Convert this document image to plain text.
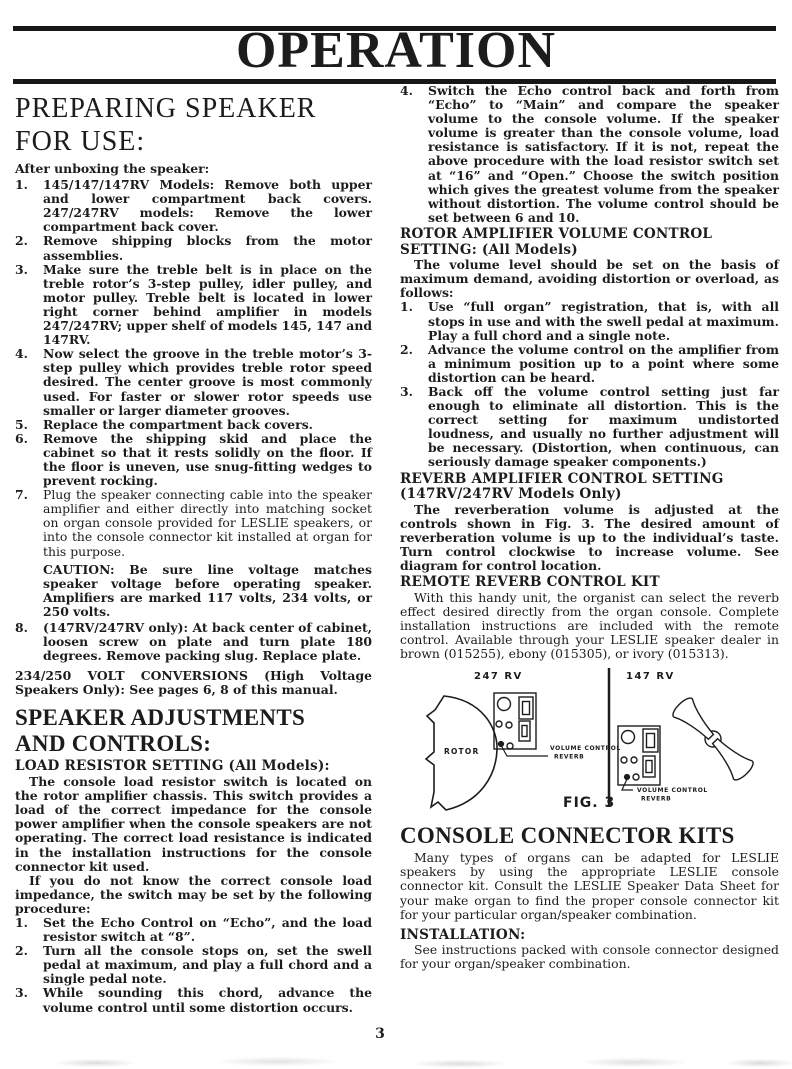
OPERATION
PREPARING SPEAKER
FOR USE:
After unboxing the speaker:
1.	145/147/147RV Models: Remove both upper and lower compartment back covers. 247/247RV models: Remove the lower compartment back cover.
2.	Remove shipping blocks from the motor assemblies.
3.	Make sure the treble belt is in place on the treble rotor’s 3-step pulley, idler pulley, and motor pulley. Treble belt is located in lower right corner behind amplifier in models 247/247RV; upper shelf of models 145, 147 and 147RV.
4.	Now select the groove in the treble motor’s 3-step pulley which provides treble rotor speed desired. The center groove is most commonly used. For faster or slower rotor speeds use smaller or larger diameter grooves.
5.	Replace the compartment back covers.
6.	Remove the shipping skid and place the cabinet so that it rests solidly on the floor. If the floor is uneven, use snug-fitting wedges to prevent rocking.
7.	Plug the speaker connecting cable into the speaker amplifier and either directly into matching socket on organ console provided for LESLIE speakers, or into the console connector kit installed at organ for this purpose.
CAUTION: Be sure line voltage matches speaker voltage before operating speaker. Amplifiers are marked 117 volts, 234 volts, or 250 volts.
8.	(147RV/247RV only): At back center of cabinet, loosen screw on plate and turn plate 180 degrees. Remove packing slug. Replace plate.
234/250 VOLT CONVERSIONS (High Voltage Speakers Only): See pages 6, 8 of this manual.
SPEAKER ADJUSTMENTS
AND CONTROLS:
LOAD RESISTOR SETTING (All Models):
The console load resistor switch is located on the rotor amplifier chassis. This switch provides a load of the correct impedance for the console power amplifier when the console speakers are not operating. The correct load resistance is indicated in the installation instructions for the console connector kit used.
If you do not know the correct console load impedance, the switch may be set by the following procedure:
1.	Set the Echo Control on “Echo”, and the load resistor switch at “8”.
2.	Turn all the console stops on, set the swell pedal at maximum, and play a full chord and a single pedal note.
3.	While sounding this chord, advance the volume control until some distortion occurs.
4.	Switch the Echo control back and forth from “Echo” to “Main” and compare the speaker volume to the console volume. If the speaker volume is greater than the console volume, load resistance is satisfactory. If it is not, repeat the above procedure with the load resistor switch set at “16” and “Open.” Choose the switch position which gives the greatest volume from the speaker without distortion. The volume control should be set between 6 and 10.
ROTOR AMPLIFIER VOLUME CONTROL
SETTING: (All Models)
The volume level should be set on the basis of maximum demand, avoiding distortion or overload, as follows:
1.	Use “full organ” registration, that is, with all stops in use and with the swell pedal at maximum. Play a full chord and a single note.
2.	Advance the volume control on the amplifier from a minimum position up to a point where some distortion can be heard.
3.	Back off the volume control setting just far enough to eliminate all distortion. This is the correct setting for maximum undistorted loudness, and usually no further adjustment will be necessary. (Distortion, when continuous, can seriously damage speaker components.)
REVERB AMPLIFIER CONTROL SETTING
(147RV/247RV Models Only)
The reverberation volume is adjusted at the controls shown in Fig. 3. The desired amount of reverberation volume is up to the individual’s taste. Turn control clockwise to increase volume. See diagram for control location.
REMOTE REVERB CONTROL KIT
With this handy unit, the organist can select the reverb effect desired directly from the organ console. Complete installation instructions are included with the remote control. Available through your LESLIE speaker dealer in brown (015255), ebony (015305), or ivory (015313).
247 RV	147 RV
ROTOR	VOLUME CONTROL
REVERB
FIG. 3
VOLUME CONTROL
REVERB
CONSOLE CONNECTOR KITS
Many types of organs can be adapted for LESLIE speakers by using the appropriate LESLIE console connector kit. Consult the LESLIE Speaker Data Sheet for your make organ to find the proper console connector kit for your particular organ/speaker combination.
INSTALLATION:
See instructions packed with console connector designed for your organ/speaker combination.
3
